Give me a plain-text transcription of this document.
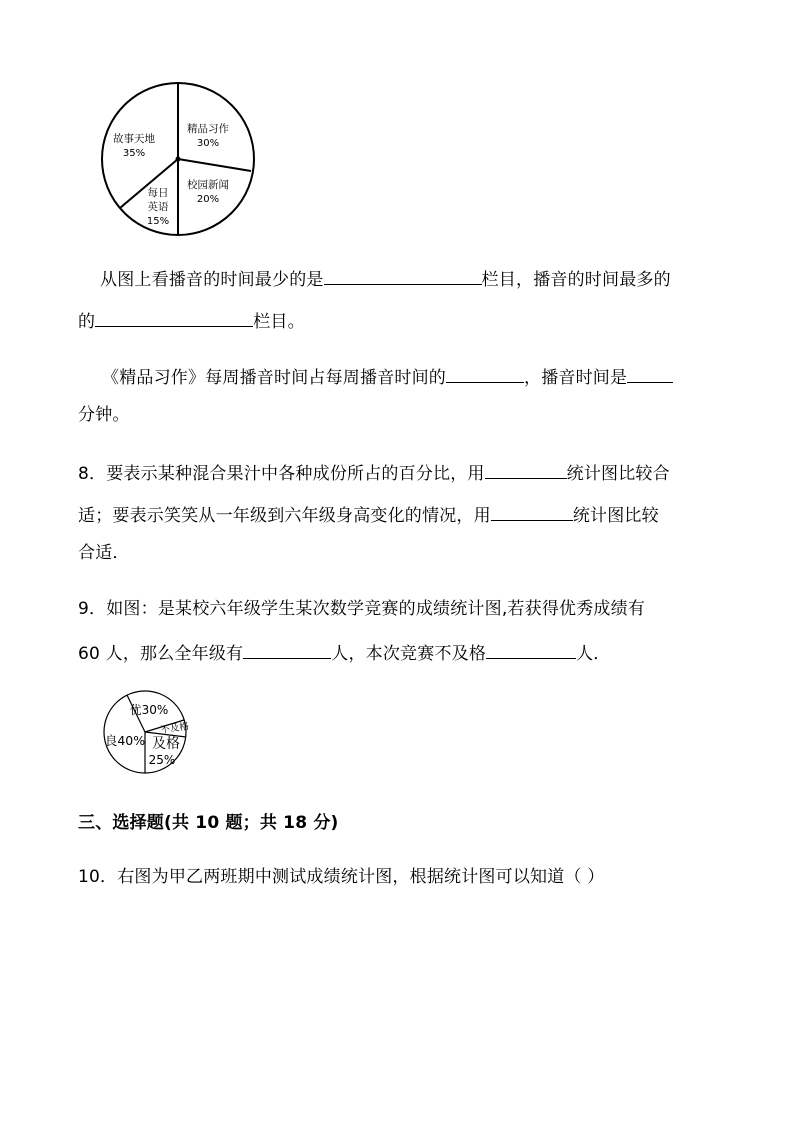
精品习作
30%
校园新闻
20%
每日
英语
15%
故事天地
35%
从图上看播音的时间最少的是	栏目，播音的时间最多的
的	栏目。
《精品习作》每周播音时间占每周播音时间的	，播音时间是
分钟。
8．要表示某种混合果汁中各种成份所占的百分比，用	统计图比较合
适；要表示笑笑从一年级到六年级身高变化的情况，用	统计图比较
合适．
9．如图：是某校六年级学生某次数学竞赛的成绩统计图,若获得优秀成绩有
60 人，那么全年级有	人，本次竞赛不及格	人．
优30%
不及格
及格
25%
良40%
三、选择题(共 10 题；共 18 分)
10．右图为甲乙两班期中测试成绩统计图，根据统计图可以知道（ ）
